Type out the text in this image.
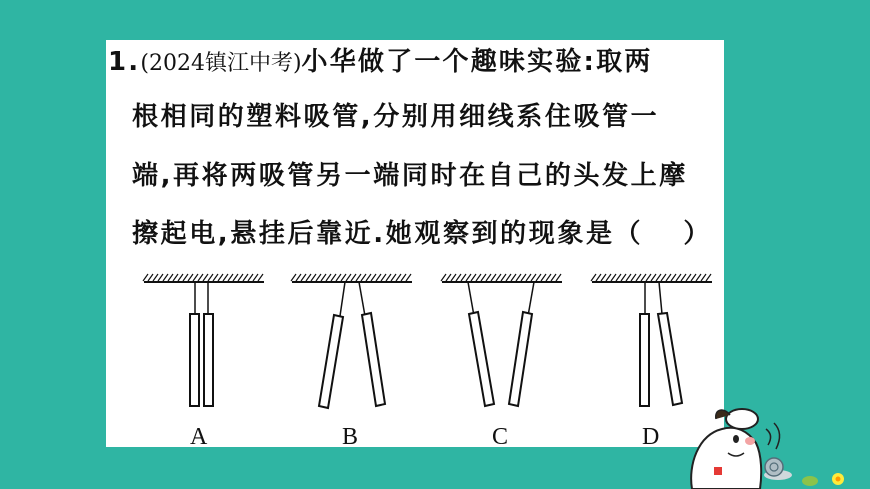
1.(2024镇江中考)小华做了一个趣味实验:取两
根相同的塑料吸管,分别用细线系住吸管一
端,再将两吸管另一端同时在自己的头发上摩
擦起电,悬挂后靠近.她观察到的现象是（　 ）
A	B	C	D
